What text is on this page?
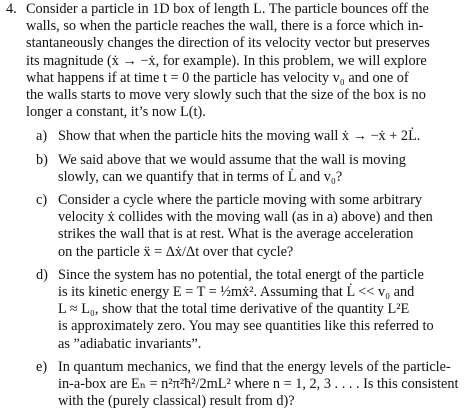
4. Consider a particle in 1D box of length L. The particle bounces off the
walls, so when the particle reaches the wall, there is a force which in-
stantaneously changes the direction of its velocity vector but preserves
its magnitude (ẋ → −ẋ, for example). In this problem, we will explore
what happens if at time t = 0 the particle has velocity v₀ and one of
the walls starts to move very slowly such that the size of the box is no
longer a constant, it’s now L(t).
a) Show that when the particle hits the moving wall ẋ → −ẋ + 2L̇.
b) We said above that we would assume that the wall is moving
slowly, can we quantify that in terms of L̇ and v₀?
c) Consider a cycle where the particle moving with some arbitrary
velocity ẋ collides with the moving wall (as in a) above) and then
strikes the wall that is at rest. What is the average acceleration
on the particle ẍ = Δẋ/Δt over that cycle?
d) Since the system has no potential, the total energt of the particle
is its kinetic energy E = T = ½mẋ². Assuming that L̇ << v₀ and
L ≈ L₀, show that the total time derivative of the quantity L²E
is approximately zero. You may see quantities like this referred to
as ”adiabatic invariants”.
e) In quantum mechanics, we find that the energy levels of the particle-
in-a-box are Eₙ = n²π²ħ²/2mL² where n = 1, 2, 3 . . . . Is this consistent
with the (purely classical) result from d)?
